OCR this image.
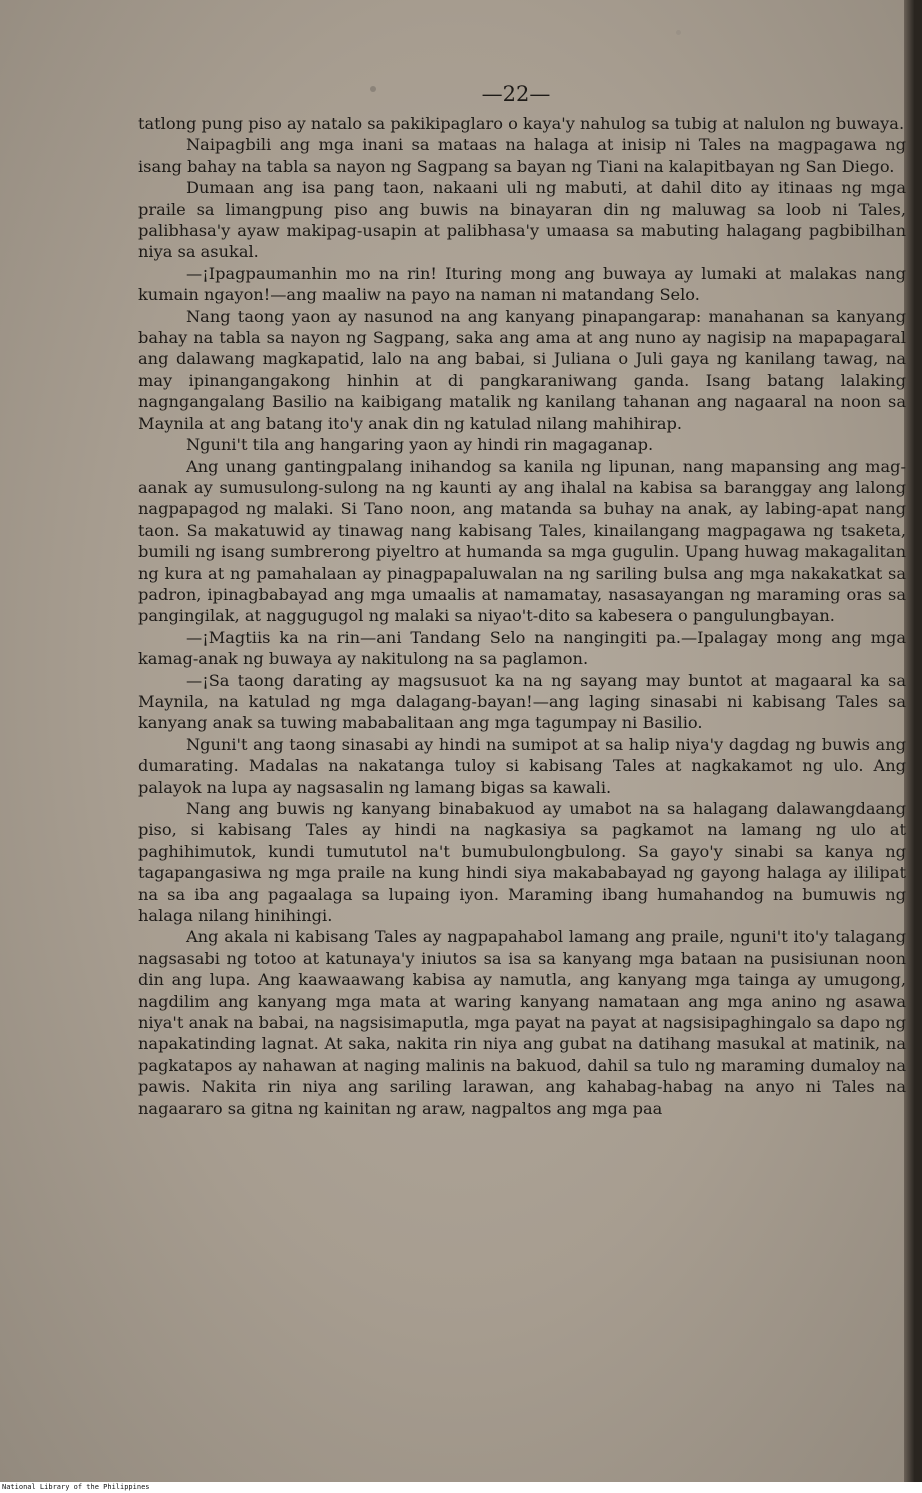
—22—

tatlong pung piso ay natalo sa pakikipaglaro o kaya'y nahulog sa tubig at nalulon ng buwaya.

Naipagbili ang mga inani sa mataas na halaga at inisip ni Tales na magpagawa ng isang bahay na tabla sa nayon ng Sagpang sa bayan ng Tiani na kalapitbayan ng San Diego.

Dumaan ang isa pang taon, nakaani uli ng mabuti, at dahil dito ay itinaas ng mga praile sa limangpung piso ang buwis na binayaran din ng maluwag sa loob ni Tales, palibhasa'y ayaw makipag-usapin at palibhasa'y umaasa sa mabuting halagang pagbibilhan niya sa asukal.

—¡Ipagpaumanhin mo na rin! Ituring mong ang buwaya ay lumaki at malakas nang kumain ngayon!—ang maaliw na payo na naman ni matandang Selo.

Nang taong yaon ay nasunod na ang kanyang pinapangarap: manahanan sa kanyang bahay na tabla sa nayon ng Sagpang, saka ang ama at ang nuno ay nagisip na mapapagaral ang dalawang magkapatid, lalo na ang babai, si Juliana o Juli gaya ng kanilang tawag, na may ipinangangakong hinhin at di pangkaraniwang ganda. Isang batang lalaking nagngangalang Basilio na kaibigang matalik ng kanilang tahanan ang nagaaral na noon sa Maynila at ang batang ito'y anak din ng katulad nilang mahihirap.

Nguni't tila ang hangaring yaon ay hindi rin magaganap.

Ang unang gantingpalang inihandog sa kanila ng lipunan, nang mapansing ang mag-aanak ay sumusulong-sulong na ng kaunti ay ang ihalal na kabisa sa baranggay ang lalong nagpapagod ng malaki. Si Tano noon, ang matanda sa buhay na anak, ay labing-apat nang taon. Sa makatuwid ay tinawag nang kabisang Tales, kinailangang magpagawa ng tsaketa, bumili ng isang sumbrerong piyeltro at humanda sa mga gugulin. Upang huwag makagalitan ng kura at ng pamahalaan ay pinagpapaluwalan na ng sariling bulsa ang mga nakakatkat sa padron, ipinagbabayad ang mga umaalis at namamatay, nasasayangan ng maraming oras sa pangingilak, at naggugugol ng malaki sa niyao't-dito sa kabesera o pangulungbayan.

—¡Magtiis ka na rin—ani Tandang Selo na nangingiti pa.—Ipalagay mong ang mga kamag-anak ng buwaya ay nakitulong na sa paglamon.

—¡Sa taong darating ay magsusuot ka na ng sayang may buntot at magaaral ka sa Maynila, na katulad ng mga dalagang-bayan!—ang laging sinasabi ni kabisang Tales sa kanyang anak sa tuwing mababalitaan ang mga tagumpay ni Basilio.

Nguni't ang taong sinasabi ay hindi na sumipot at sa halip niya'y dagdag ng buwis ang dumarating. Madalas na nakatanga tuloy si kabisang Tales at nagkakamot ng ulo. Ang palayok na lupa ay nagsasalin ng lamang bigas sa kawali.

Nang ang buwis ng kanyang binabakuod ay umabot na sa halagang dalawangdaang piso, si kabisang Tales ay hindi na nagkasiya sa pagkamot na lamang ng ulo at paghihimutok, kundi tumututol na't bumubulongbulong. Sa gayo'y sinabi sa kanya ng tagapangasiwa ng mga praile na kung hindi siya makababayad ng gayong halaga ay ililipat na sa iba ang pagaalaga sa lupaing iyon. Maraming ibang humahandog na bumuwis ng halaga nilang hinihingi.

Ang akala ni kabisang Tales ay nagpapahabol lamang ang praile, nguni't ito'y talagang nagsasabi ng totoo at katunaya'y iniutos sa isa sa kanyang mga bataan na pusisiunan noon din ang lupa. Ang kaawaawang kabisa ay namutla, ang kanyang mga tainga ay umugong, nagdilim ang kanyang mga mata at waring kanyang namataan ang mga anino ng asawa niya't anak na babai, na nagsisimaputla, mga payat na payat at nagsisipaghingalo sa dapo ng napakatinding lagnat. At saka, nakita rin niya ang gubat na datihang masukal at matinik, na pagkatapos ay nahawan at naging malinis na bakuod, dahil sa tulo ng maraming dumaloy na pawis. Nakita rin niya ang sariling larawan, ang kahabag-habag na anyo ni Tales na nagaararo sa gitna ng kainitan ng araw, nagpaltos ang mga paa

National Library of the Philippines
